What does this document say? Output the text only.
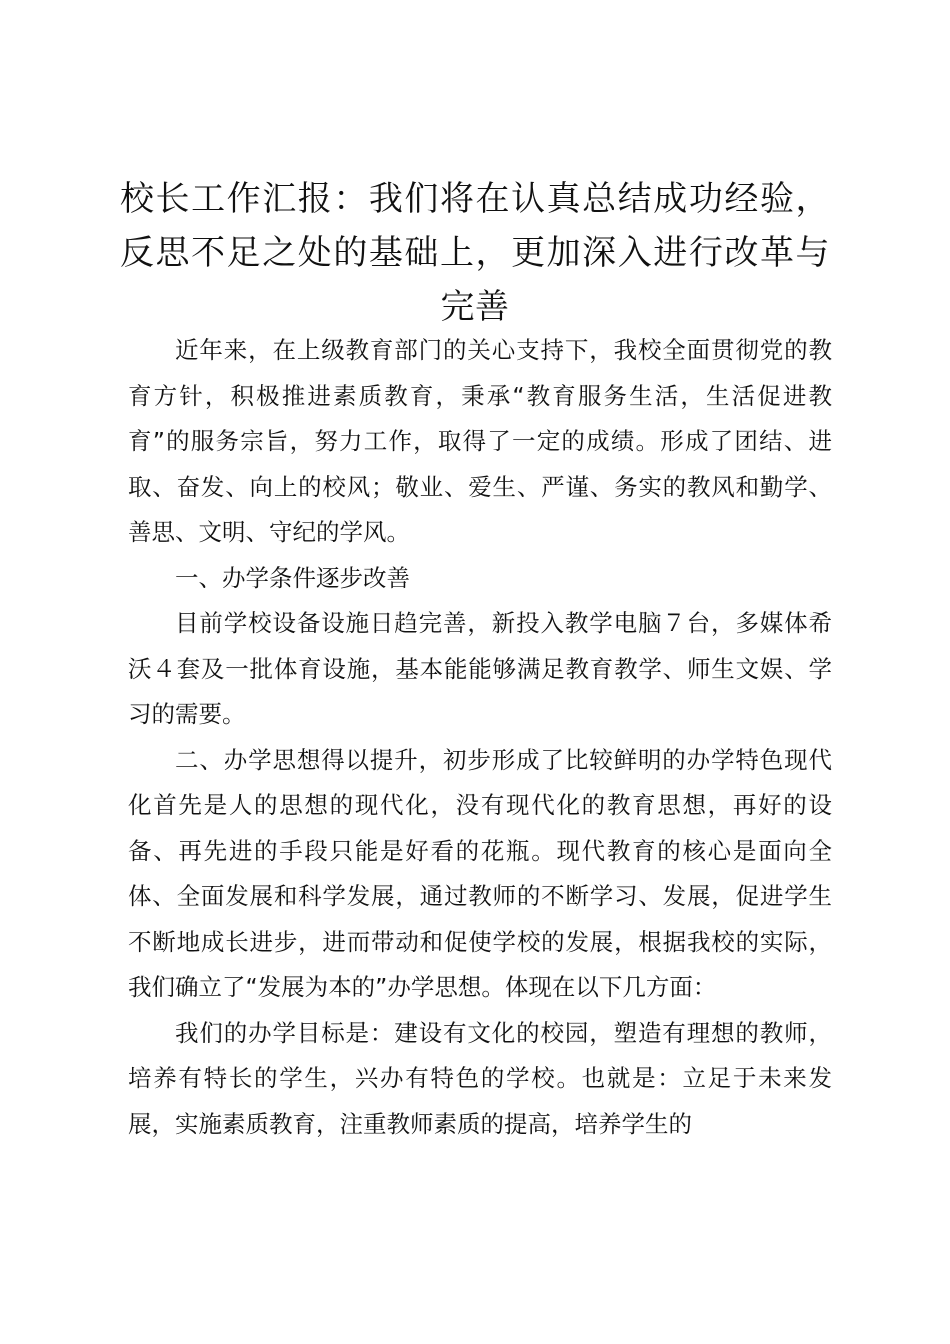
校长工作汇报：我们将在认真总结成功经验，反思不足之处的基础上，更加深入进行改革与完善

近年来，在上级教育部门的关心支持下，我校全面贯彻党的教育方针，积极推进素质教育，秉承“教育服务生活，生活促进教育”的服务宗旨，努力工作，取得了一定的成绩。形成了团结、进取、奋发、向上的校风；敬业、爱生、严谨、务实的教风和勤学、善思、文明、守纪的学风。

一、办学条件逐步改善

目前学校设备设施日趋完善，新投入教学电脑７台，多媒体希沃４套及一批体育设施，基本能能够满足教育教学、师生文娱、学习的需要。

二、办学思想得以提升，初步形成了比较鲜明的办学特色现代化首先是人的思想的现代化，没有现代化的教育思想，再好的设备、再先进的手段只能是好看的花瓶。现代教育的核心是面向全体、全面发展和科学发展，通过教师的不断学习、发展，促进学生不断地成长进步，进而带动和促使学校的发展，根据我校的实际，我们确立了“发展为本的”办学思想。体现在以下几方面：

我们的办学目标是：建设有文化的校园，塑造有理想的教师，培养有特长的学生，兴办有特色的学校。也就是：立足于未来发展，实施素质教育，注重教师素质的提高，培养学生的
